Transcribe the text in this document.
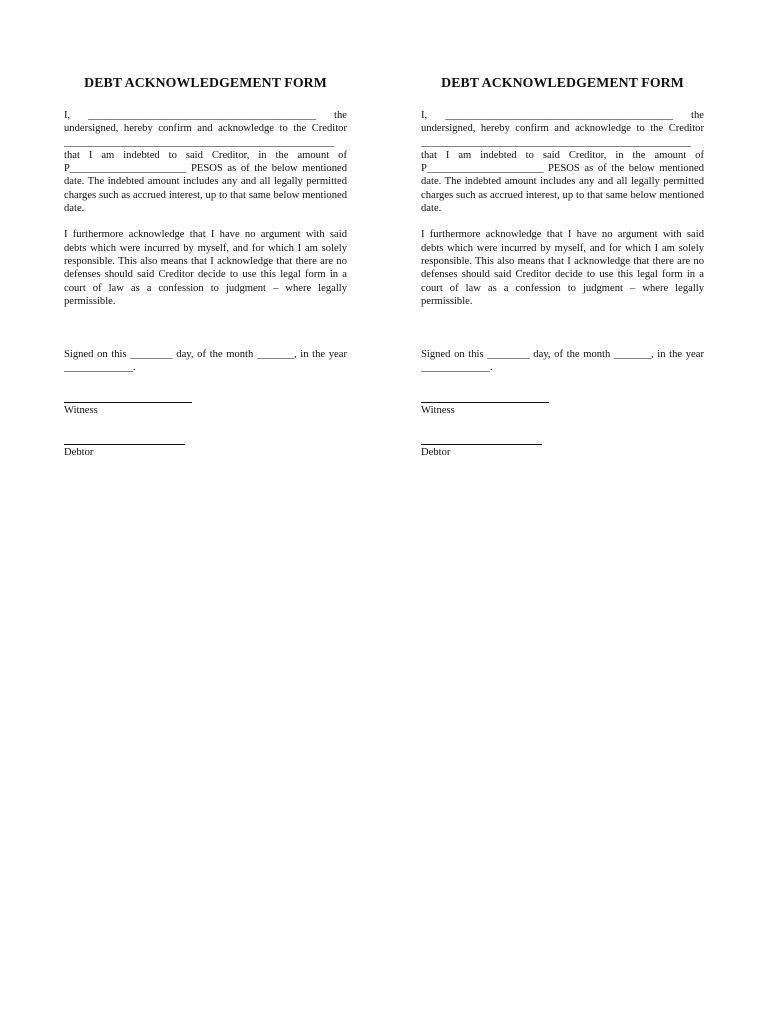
DEBT ACKNOWLEDGEMENT FORM

I, ___________________________________________ the undersigned, hereby confirm and acknowledge to the Creditor ___________________________________________________ that I am indebted to said Creditor, in the amount of P______________________ PESOS as of the below mentioned date. The indebted amount includes any and all legally permitted charges such as accrued interest, up to that same below mentioned date.

I furthermore acknowledge that I have no argument with said debts which were incurred by myself, and for which I am solely responsible. This also means that I acknowledge that there are no defenses should said Creditor decide to use this legal form in a court of law as a confession to judgment – where legally permissible.

Signed on this ________ day, of the month _______, in the year _____________.

Witness
Debtor
DEBT ACKNOWLEDGEMENT FORM

I, ___________________________________________ the undersigned, hereby confirm and acknowledge to the Creditor ___________________________________________________ that I am indebted to said Creditor, in the amount of P______________________ PESOS as of the below mentioned date. The indebted amount includes any and all legally permitted charges such as accrued interest, up to that same below mentioned date.

I furthermore acknowledge that I have no argument with said debts which were incurred by myself, and for which I am solely responsible. This also means that I acknowledge that there are no defenses should said Creditor decide to use this legal form in a court of law as a confession to judgment – where legally permissible.

Signed on this ________ day, of the month _______, in the year _____________.

Witness
Debtor
